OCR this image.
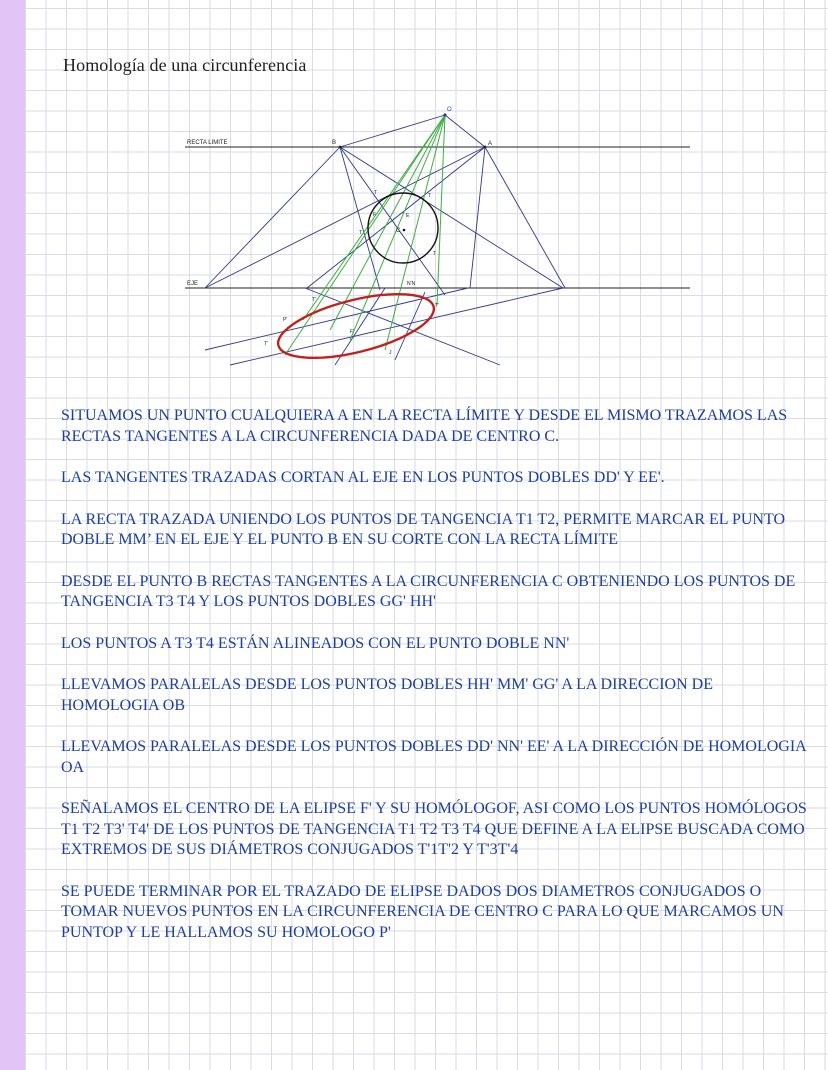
Homología de una circunferencia
RECTA LIMITE
EJE
O
B	A
C
T	T
F	E
T
T
N'N
T'
T'
P'
F'
T'
J

SITUAMOS UN PUNTO CUALQUIERA A EN LA RECTA LÍMITE Y DESDE EL MISMO TRAZAMOS LAS RECTAS TANGENTES A LA CIRCUNFERENCIA DADA DE CENTRO C.

LAS TANGENTES TRAZADAS CORTAN AL EJE EN LOS PUNTOS DOBLES DD' Y EE'.

LA RECTA TRAZADA UNIENDO LOS PUNTOS DE TANGENCIA T1 T2, PERMITE MARCAR EL PUNTO DOBLE MM’ EN EL EJE Y EL PUNTO B EN SU CORTE CON LA RECTA LÍMITE

DESDE EL PUNTO B RECTAS TANGENTES A LA CIRCUNFERENCIA C OBTENIENDO LOS PUNTOS DE TANGENCIA T3 T4 Y LOS PUNTOS DOBLES GG' HH'

LOS PUNTOS A T3 T4 ESTÁN ALINEADOS CON EL PUNTO DOBLE NN'

LLEVAMOS PARALELAS DESDE LOS PUNTOS DOBLES HH' MM' GG' A LA DIRECCION DE HOMOLOGIA OB

LLEVAMOS PARALELAS DESDE LOS PUNTOS DOBLES DD' NN' EE' A LA DIRECCIÓN DE HOMOLOGIA OA

SEÑALAMOS EL CENTRO DE LA ELIPSE F' Y SU HOMÓLOGOF, ASI COMO LOS PUNTOS HOMÓLOGOS T1 T2 T3' T4' DE LOS PUNTOS DE TANGENCIA T1 T2 T3 T4 QUE DEFINE A LA ELIPSE BUSCADA COMO EXTREMOS DE SUS DIÁMETROS CONJUGADOS T'1T'2 Y T'3T'4

SE PUEDE TERMINAR POR EL TRAZADO DE ELIPSE DADOS DOS DIAMETROS CONJUGADOS O TOMAR NUEVOS PUNTOS EN LA CIRCUNFERENCIA DE CENTRO C PARA LO QUE MARCAMOS UN PUNTOP Y LE HALLAMOS SU HOMOLOGO P'
